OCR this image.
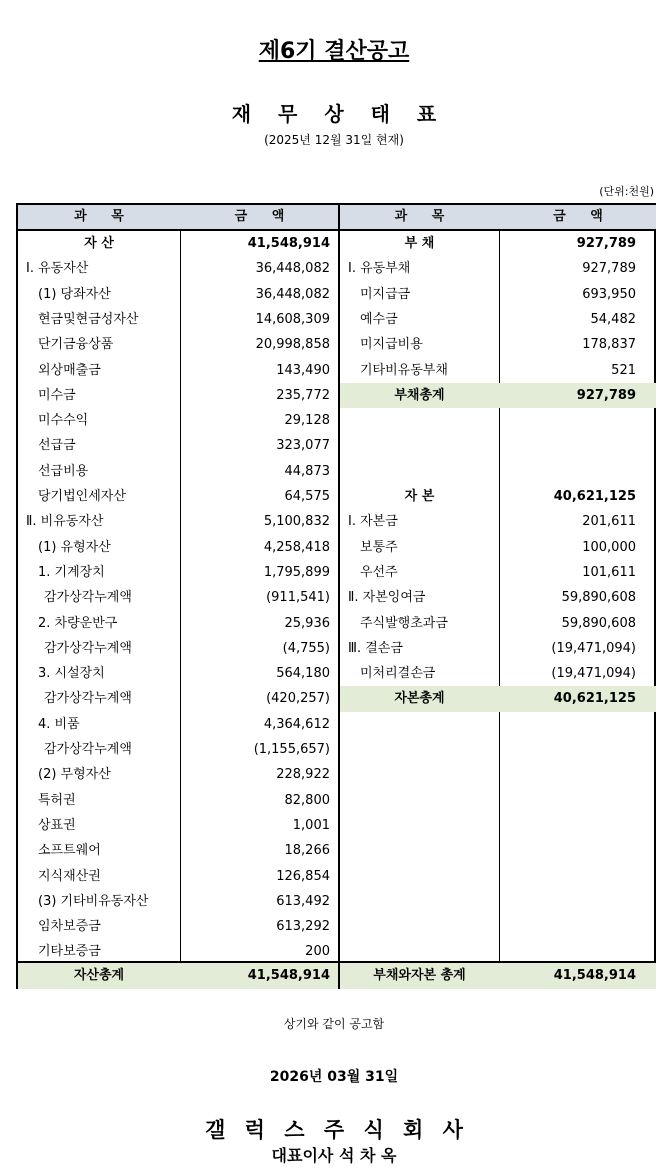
제6기 결산공고
재 무 상 태 표
(2025년 12월 31일 현재)
(단위:천원)
과 목	금 액
자 산	41,548,914
Ⅰ. 유동자산	36,448,082
(1) 당좌자산	36,448,082
현금및현금성자산	14,608,309
단기금융상품	20,998,858
외상매출금	143,490
미수금	235,772
미수수익	29,128
선급금	323,077
선급비용	44,873
당기법인세자산	64,575
Ⅱ. 비유동자산	5,100,832
(1) 유형자산	4,258,418
1. 기계장치	1,795,899
감가상각누계액	(911,541)
2. 차량운반구	25,936
감가상각누계액	(4,755)
3. 시설장치	564,180
감가상각누계액	(420,257)
4. 비품	4,364,612
감가상각누계액	(1,155,657)
(2) 무형자산	228,922
특허권	82,800
상표권	1,001
소프트웨어	18,266
지식재산권	126,854
(3) 기타비유동자산	613,492
임차보증금	613,292
기타보증금	200
자산총계	41,548,914
과 목	금 액
부 채	927,789
Ⅰ. 유동부채	927,789
미지급금	693,950
예수금	54,482
미지급비용	178,837
기타비유동부채	521
부채총계	927,789
자 본	40,621,125
Ⅰ. 자본금	201,611
보통주	100,000
우선주	101,611
Ⅱ. 자본잉여금	59,890,608
주식발행초과금	59,890,608
Ⅲ. 결손금	(19,471,094)
미처리결손금	(19,471,094)
자본총계	40,621,125
부채와자본 총계	41,548,914
상기와 같이 공고함
2026년 03월 31일
갤 럭 스 주 식 회 사
대표이사 석 차 옥
